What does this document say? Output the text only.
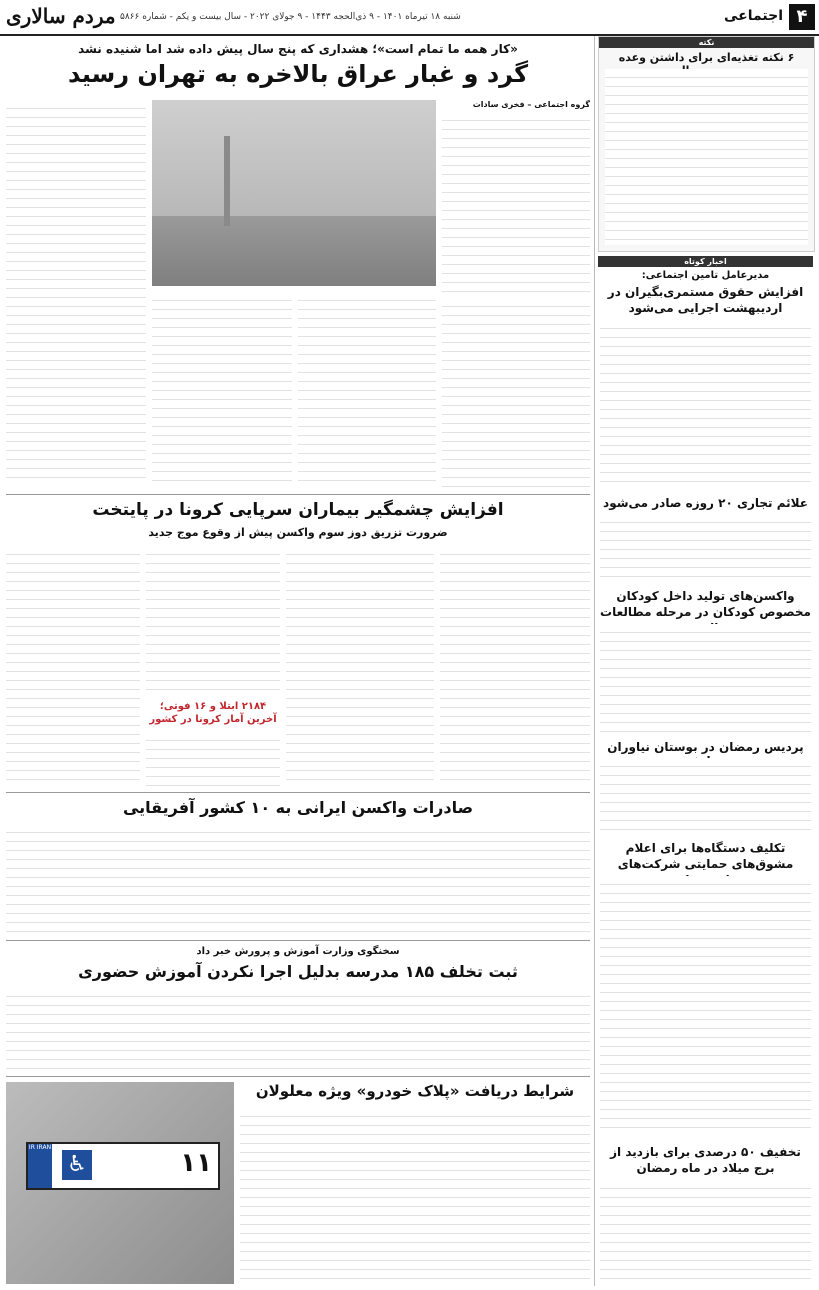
۴
اجتماعی
شنبه ۱۸ تیرماه ۱۴۰۱ - ۹ ذی‌الحجه ۱۴۴۳ - ۹ جولای ۲۰۲۲ - سال بیست و یکم - شماره ۵۸۶۶
مردم سالاری
نکته
۶ نکته تغذیه‌ای برای داشتن وعده
اخبار کوتاه
مدیرعامل تامین اجتماعی:
افزایش حقوق مستمری‌بگیران در اردیبهشت اجرایی می‌شود
علائم تجاری ۲۰ روزه صادر می‌شود
واکسن‌های تولید داخل کودکان مخصوص کودکان در مرحله مطالعات
پردیس رمضان در بوستان نیاوران
تکلیف دستگاه‌ها برای اعلام مشوق‌های حمایتی شرکت‌های
تخفیف ۵۰ درصدی برای بازدید از برج میلاد در ماه رمضان
«کار همه ما تمام است»؛ هشداری که پنج سال پیش داده شد اما شنیده نشد
گرد و غبار عراق بالاخره به تهران رسید
گروه اجتماعی – فخری سادات
افزایش چشمگیر بیماران سرپایی کرونا در پایتخت
ضرورت تزریق دوز سوم واکسن پیش از وقوع موج جدید
۲۱۸۴ ابتلا و ۱۶ فوتی؛ آخرین آمار کرونا در کشور
صادرات واکسن ایرانی به ۱۰ کشور آفریقایی
سخنگوی وزارت آموزش و پرورش خبر داد
ثبت تخلف ۱۸۵ مدرسه بدلیل اجرا نکردن آموزش حضوری
شرایط دریافت «پلاک خودرو» ویژه معلولان
IR IRAN
♿	۱۱
